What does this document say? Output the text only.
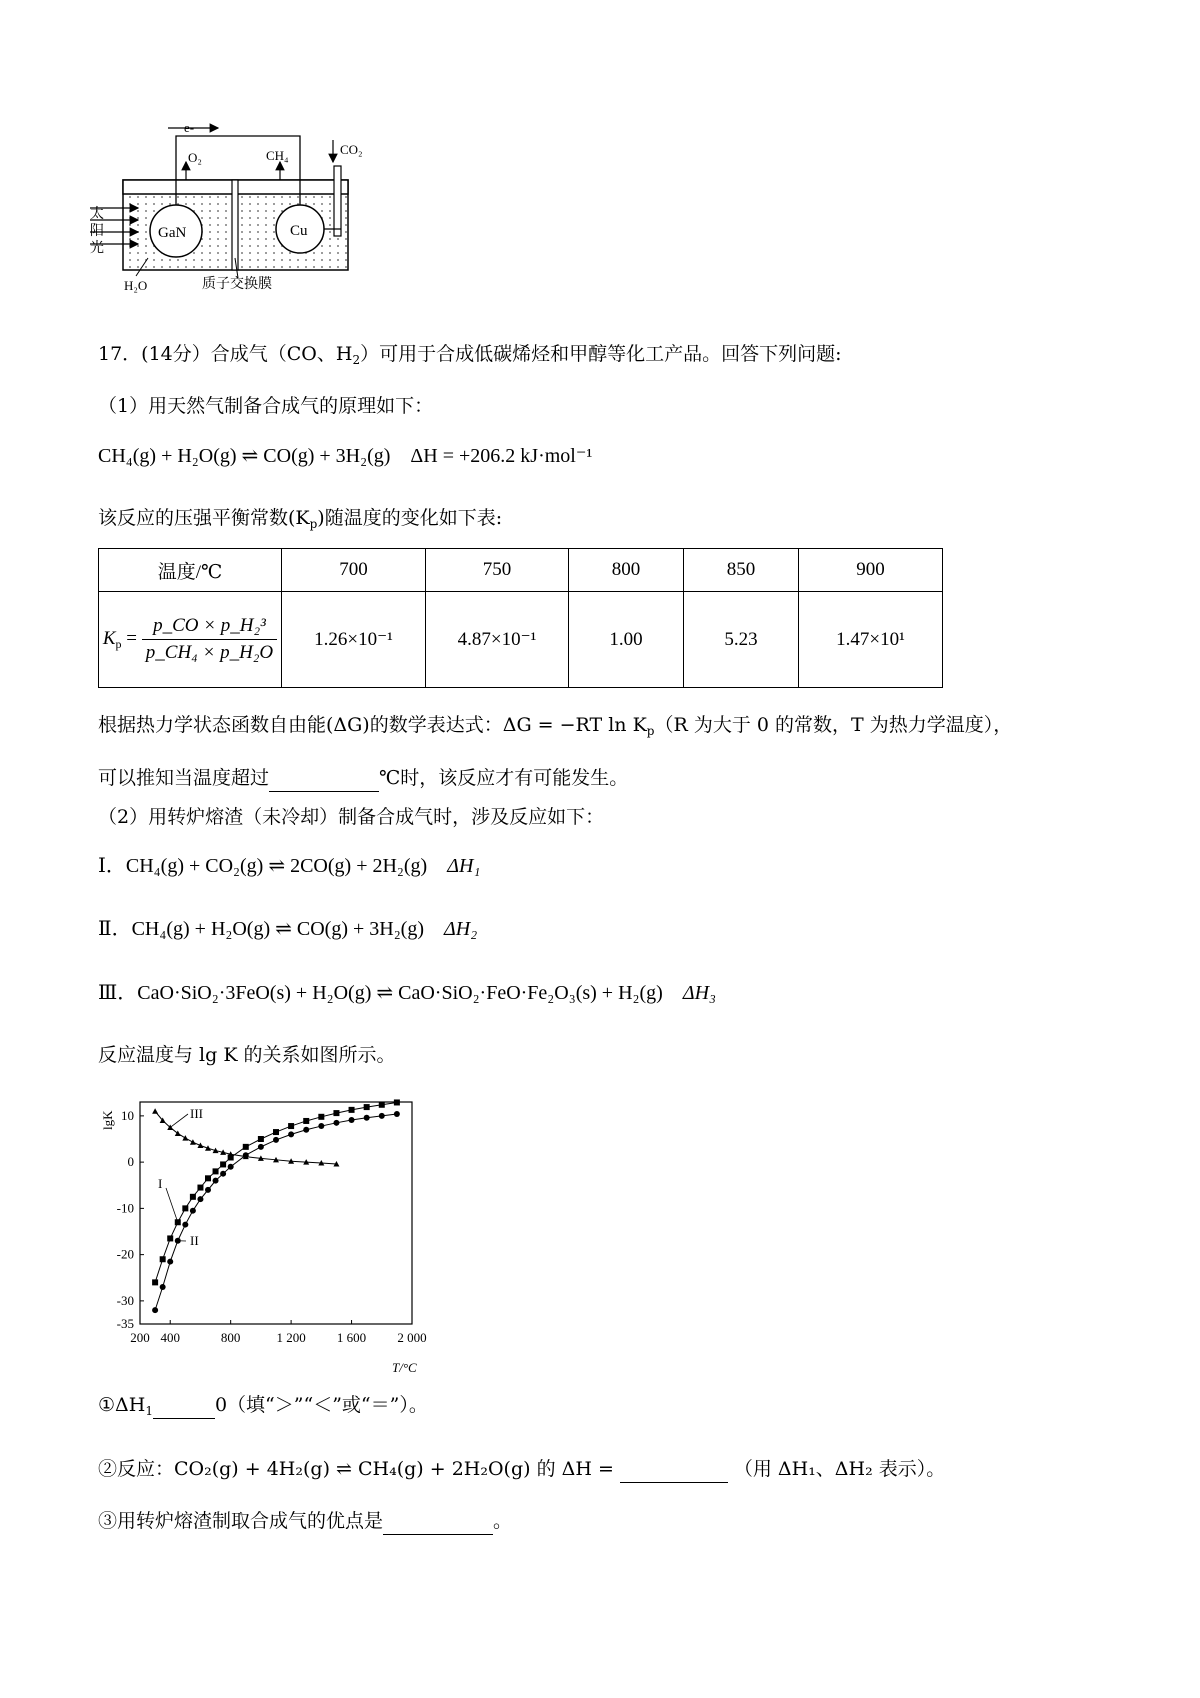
e-
O₂	CH₄	CO₂
太
阳
光
GaN	Cu
H₂O	质子交换膜
17．(14分）合成气（CO、$H_2$）可用于合成低碳烯烃和甲醇等化工产品。回答下列问题:
（1）用天然气制备合成气的原理如下：
CH₄(g) + H₂O(g) ⇌ CO(g) + 3H₂(g) ΔH = +206.2 kJ·mol⁻¹
该反应的压强平衡常数$(K_p)$随温度的变化如下表:
温度/℃	700	750	800	850	900
$K_p = \frac{\text{p\_CO × p\_H₂³}}{\text{p\_CH₄ × p\_H₂O}}$	1.26×10⁻¹	4.87×10⁻¹	1.00	5.23	1.47×10¹
根据热力学状态函数自由能(ΔG)的数学表达式：ΔG = −RT $\ln K_p(R$ 为大于 0 的常数，T 为热力学温度），
可以推知当温度超过	℃时，该反应才有可能发生。
（2）用转炉熔渣（未冷却）制备合成气时，涉及反应如下：
Ⅰ．CH₄(g) + CO₂(g) ⇌ 2CO(g) + 2H₂(g) ΔH₁
Ⅱ．CH₄(g) + H₂O(g) ⇌ CO(g) + 3H₂(g) ΔH₂
Ⅲ．CaO·SiO₂·3FeO(s) + H₂O(g) ⇌ CaO·SiO₂·FeO·Fe₂O₃(s) + H₂(g) ΔH₃
反应温度与 lg K 的关系如图所示。
lgK
T/°C
200 400	800	1 200 1 600 2 000
10
0
-10
-20
-30
-35
III
I
II
$①\Delta H_1$	0（填“＞”“＜”或“＝”）。
②反应：CO₂(g) + 4H₂(g) ⇌ CH₄(g) + 2H₂O(g) 的 ΔH =	（用 ΔH₁、ΔH₂ 表示）。
③用转炉熔渣制取合成气的优点是	。
